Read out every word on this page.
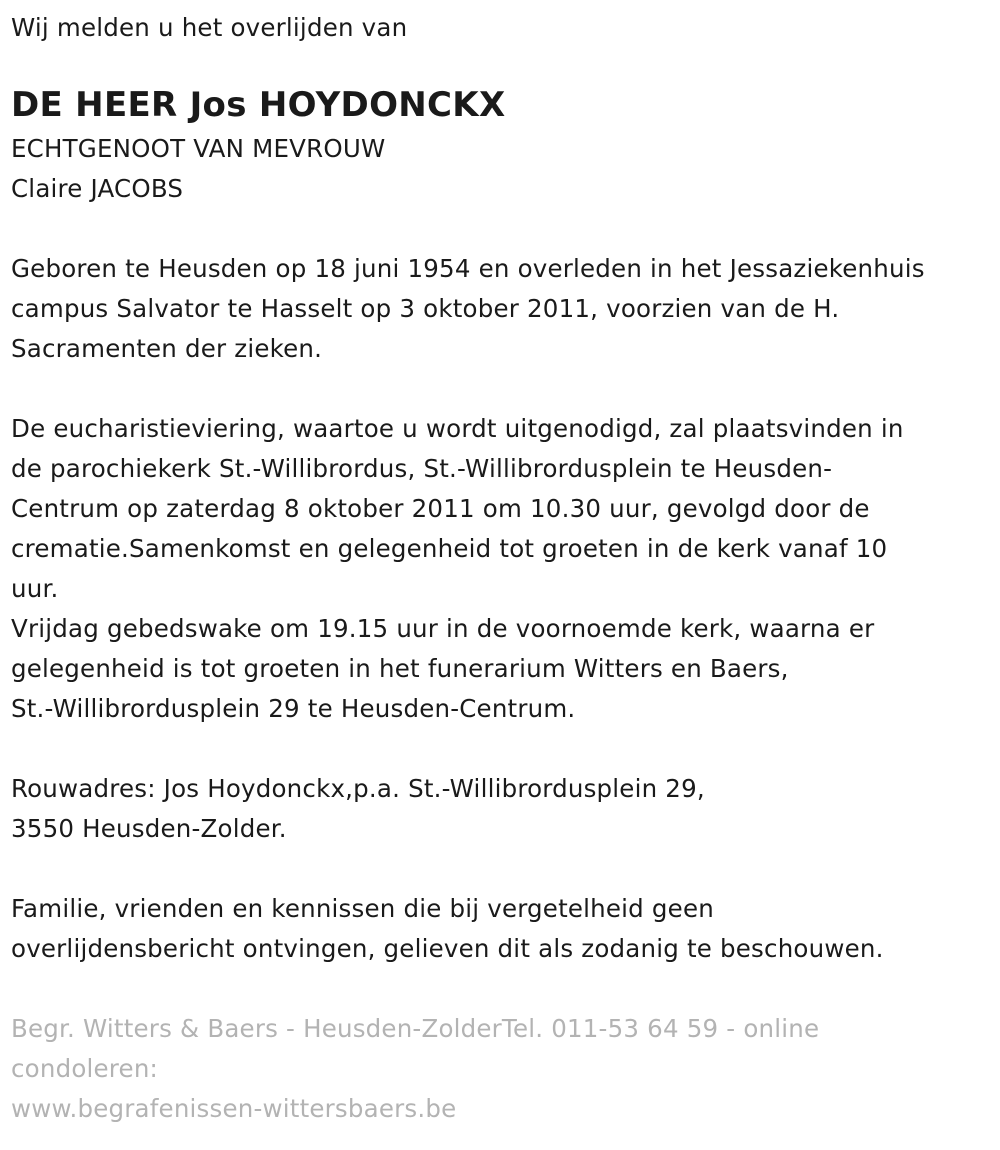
Wij melden u het overlijden van
DE HEER Jos HOYDONCKX
ECHTGENOOT VAN MEVROUW
Claire JACOBS
Geboren te Heusden op 18 juni 1954 en overleden in het Jessaziekenhuis
campus Salvator te Hasselt op 3 oktober 2011, voorzien van de H.
Sacramenten der zieken.
De eucharistieviering, waartoe u wordt uitgenodigd, zal plaatsvinden in
de parochiekerk St.-Willibrordus, St.-Willibrordusplein te Heusden-
Centrum op zaterdag 8 oktober 2011 om 10.30 uur, gevolgd door de
crematie.Samenkomst en gelegenheid tot groeten in de kerk vanaf 10
uur.
Vrijdag gebedswake om 19.15 uur in de voornoemde kerk, waarna er
gelegenheid is tot groeten in het funerarium Witters en Baers,
St.-Willibrordusplein 29 te Heusden-Centrum.
Rouwadres: Jos Hoydonckx,p.a. St.-Willibrordusplein 29,
3550 Heusden-Zolder.
Familie, vrienden en kennissen die bij vergetelheid geen
overlijdensbericht ontvingen, gelieven dit als zodanig te beschouwen.
Begr. Witters & Baers - Heusden-ZolderTel. 011-53 64 59 - online
condoleren:
www.begrafenissen-wittersbaers.be
